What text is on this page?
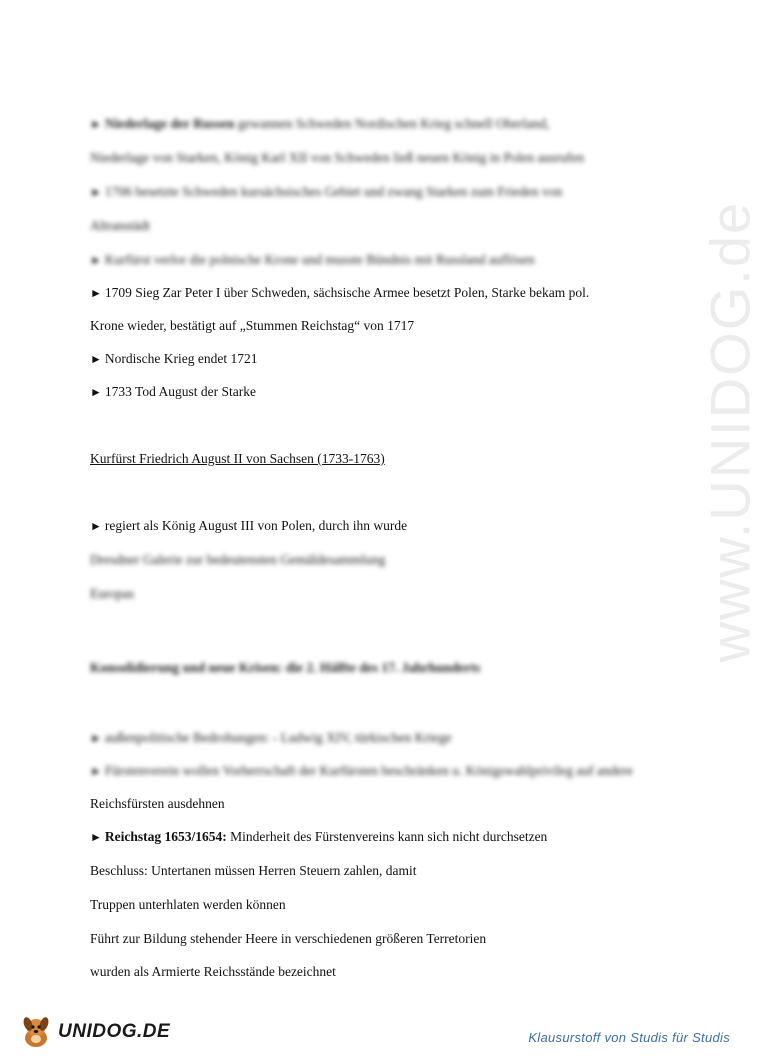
www.UNIDOG.de
► Niederlage der Russen gewannen Schweden Nordischen Krieg schnell Oberland,
Niederlage von Starken, König Karl XII von Schweden ließ neuen König in Polen ausrufen
► 1706 besetzte Schweden kursächsisches Gebiet und zwang Starken zum Frieden von
Altranstädt
► Kurfürst verlor die polnische Krone und musste Bündnis mit Russland auflösen
► 1709 Sieg Zar Peter I über Schweden, sächsische Armee besetzt Polen, Starke bekam pol.
Krone wieder, bestätigt auf „Stummen Reichstag“ von 1717
► Nordische Krieg endet 1721
► 1733 Tod August der Starke
Kurfürst Friedrich August II von Sachsen (1733-1763)
► regiert als König August III von Polen, durch ihn wurde
Dresdner Galerie zur bedeutensten Gemäldesammlung
Europas
Konsolidierung und neue Krisen: die 2. Hälfte des 17. Jahrhunderts
► außenpolitische Bedrohungen: - Ludwig XIV, türkischen Kriege
► Fürstenverein wollen Vorherrschaft der Kurfürsten beschränken u. Königswahlprivileg auf andere
Reichsfürsten ausdehnen
► Reichstag 1653/1654: Minderheit des Fürstenvereins kann sich nicht durchsetzen
Beschluss: Untertanen müssen Herren Steuern zahlen, damit
Truppen unterhlaten werden können
Führt zur Bildung stehender Heere in verschiedenen größeren Terretorien
wurden als Armierte Reichsstände bezeichnet
UNIDOG.DE	Klausurstoff von Studis für Studis
